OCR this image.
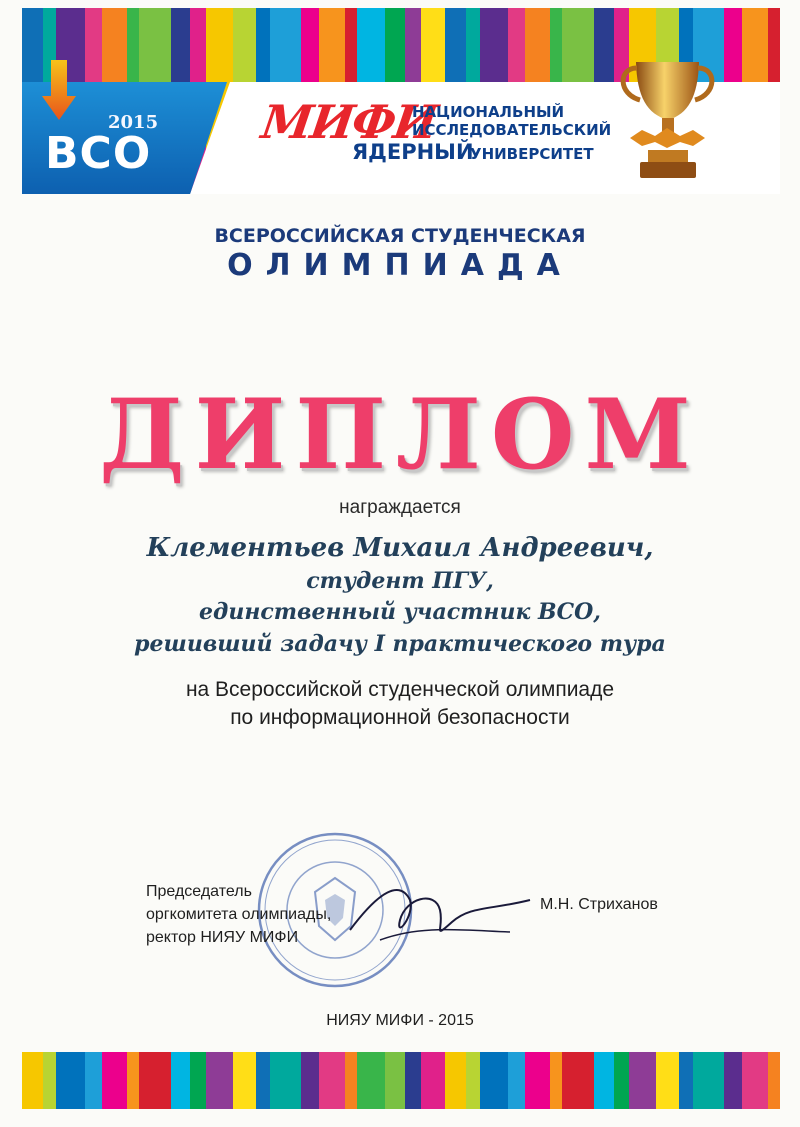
2015
ВСО
МИФИ
НАЦИОНАЛЬНЫЙ
ИССЛЕДОВАТЕЛЬСКИЙ
ЯДЕРНЫЙ
УНИВЕРСИТЕТ
ВСЕРОССИЙСКАЯ СТУДЕНЧЕСКАЯ
ОЛИМПИАДА
ДИПЛОМ
награждается
Клементьев Михаил Андреевич,
студент ПГУ,
единственный участник ВСО,
решивший задачу I практического тура
на Всероссийской студенческой олимпиаде
по информационной безопасности
Председатель
оргкомитета олимпиады,
ректор НИЯУ МИФИ
М.Н. Стриханов
НИЯУ МИФИ - 2015
